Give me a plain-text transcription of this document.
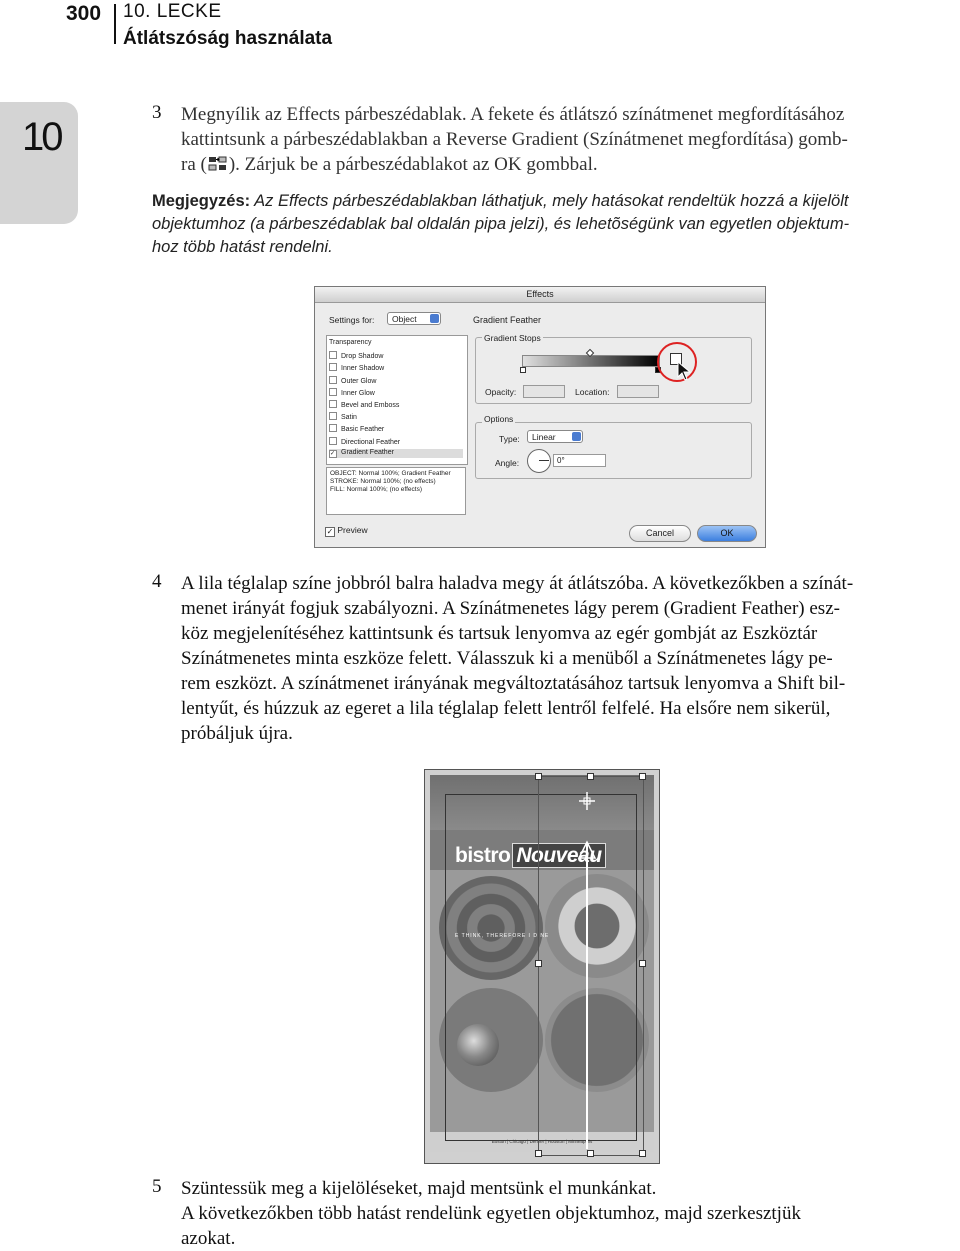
300 10. LECKE
Átlátszóság használata
10
3 Megnyílik az Effects párbeszédablak. A fekete és átlátszó színátmenet megfordításához
kattintsunk a párbeszédablakban a Reverse Gradient (Színátmenet megfordítása) gomb-
ra ( ). Zárjuk be a párbeszédablakot az OK gombbal.
Megjegyzés: Az Effects párbeszédablakban láthatjuk, mely hatásokat rendeltük hozzá a kijelölt
objektumhoz (a párbeszédablak bal oldalán pipa jelzi), és lehetõségünk van egyetlen objektum-
hoz több hatást rendelni.
Effects
Settings for:	Object
Transparency
Drop Shadow
Inner Shadow
Outer Glow
Inner Glow
Bevel and Emboss
Satin
Basic Feather
Directional Feather
✓ Gradient Feather
OBJECT: Normal 100%; Gradient Feather
STROKE: Normal 100%; (no effects)
FILL: Normal 100%; (no effects)
✓ Preview
Gradient Feather
Gradient Stops
Opacity:	Location:
Options
Type:	Linear
Angle:	0°
Cancel	OK
4 A lila téglalap színe jobbról balra haladva megy át átlátszóba. A következőkben a színát-
menet irányát fogjuk szabályozni. A Színátmenetes lágy perem (Gradient Feather) esz-
köz megjelenítéséhez kattintsunk és tartsuk lenyomva az egér gombját az Eszköztár
Színátmenetes minta eszköze felett. Válasszuk ki a menüből a Színátmenetes lágy pe-
rem eszközt. A színátmenet irányának megváltoztatásához tartsuk lenyomva a Shift bil-
lentyűt, és húzzuk az egeret a lila téglalap felett lentről felfelé. Ha elsőre nem sikerül,
próbáljuk újra.
bistro Nouveau
E THINK, THEREFORE I DINE
Boston | Chicago | Denver | Houston | Minneapolis
5 Szüntessük meg a kijelöléseket, majd mentsünk el munkánkat.
A következőkben több hatást rendelünk egyetlen objektumhoz, majd szerkesztjük
azokat.
